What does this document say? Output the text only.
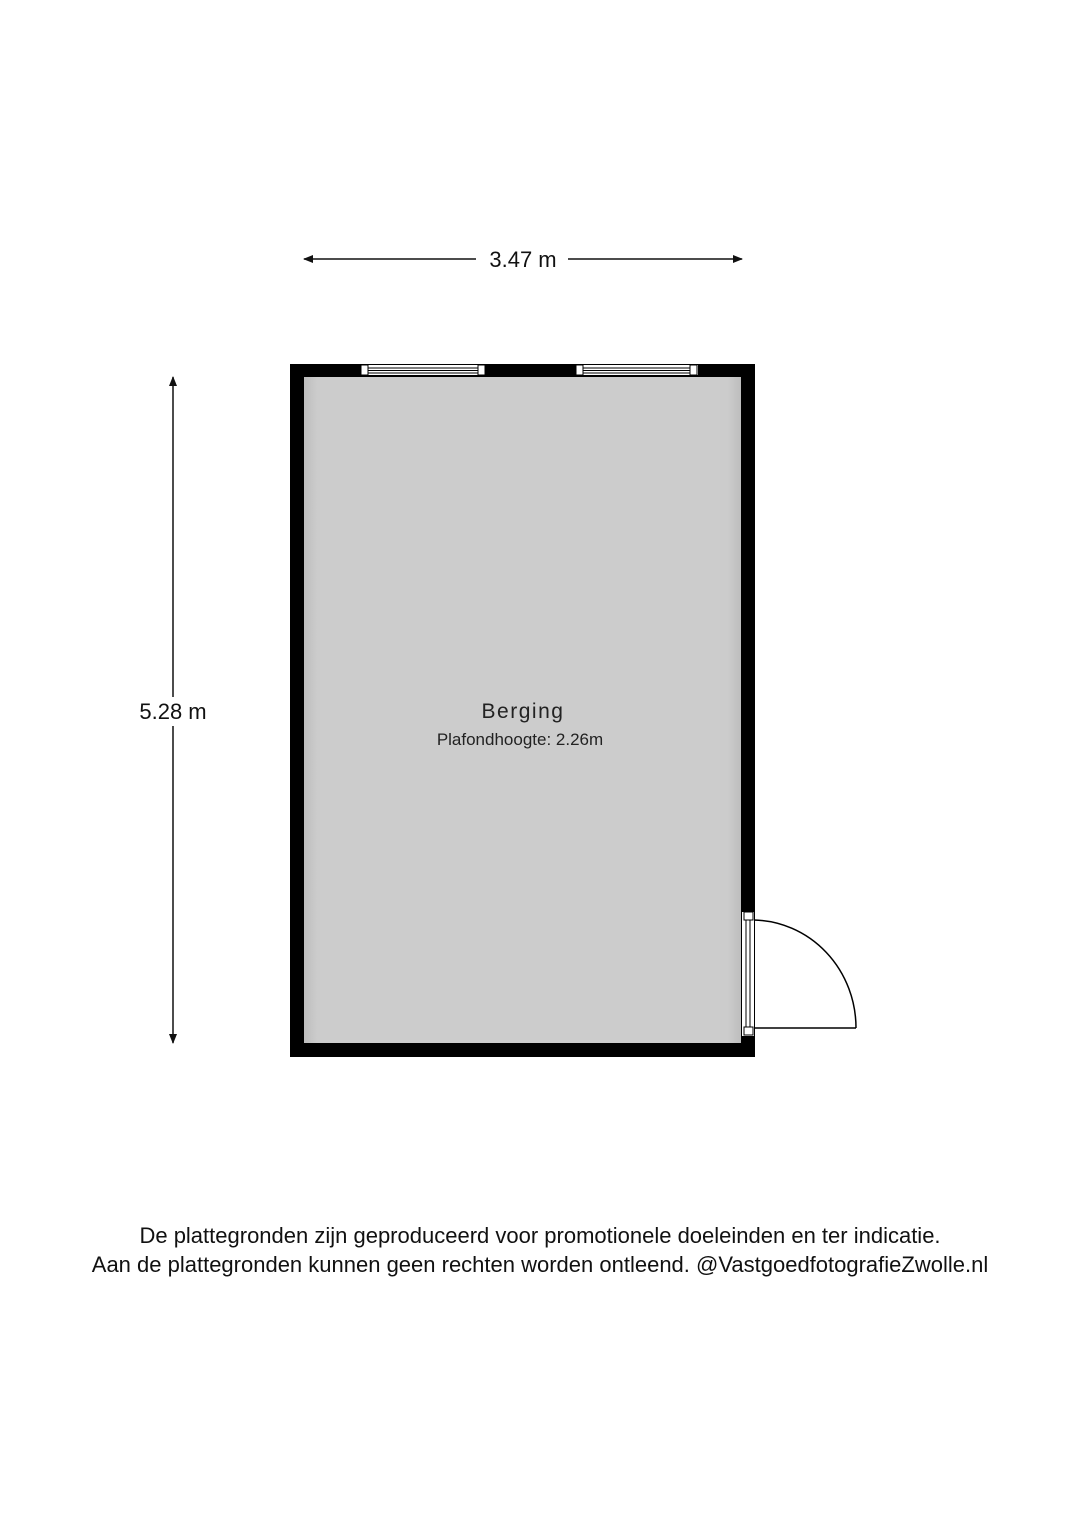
3.47 m
5.28 m	Berging
Plafondhoogte: 2.26m
De plattegronden zijn geproduceerd voor promotionele doeleinden en ter indicatie.
Aan de plattegronden kunnen geen rechten worden ontleend. @VastgoedfotografieZwolle.nl
